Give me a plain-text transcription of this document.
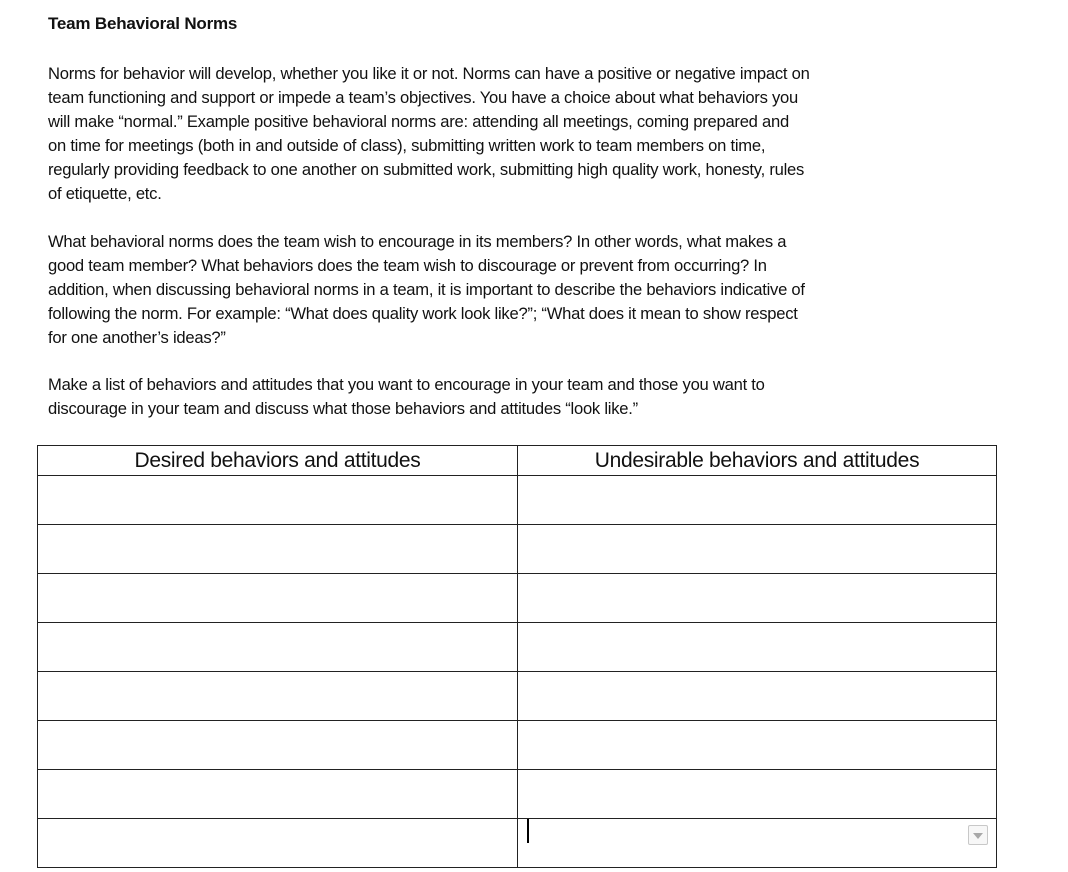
Team Behavioral Norms

Norms for behavior will develop, whether you like it or not. Norms can have a positive or negative impact on
team functioning and support or impede a team’s objectives. You have a choice about what behaviors you
will make “normal.” Example positive behavioral norms are: attending all meetings, coming prepared and
on time for meetings (both in and outside of class), submitting written work to team members on time,
regularly providing feedback to one another on submitted work, submitting high quality work, honesty, rules
of etiquette, etc.

What behavioral norms does the team wish to encourage in its members? In other words, what makes a
good team member? What behaviors does the team wish to discourage or prevent from occurring? In
addition, when discussing behavioral norms in a team, it is important to describe the behaviors indicative of
following the norm. For example: “What does quality work look like?”; “What does it mean to show respect
for one another’s ideas?”

Make a list of behaviors and attitudes that you want to encourage in your team and those you want to
discourage in your team and discuss what those behaviors and attitudes “look like.”

Desired behaviors and attitudes	Undesirable behaviors and attitudes
